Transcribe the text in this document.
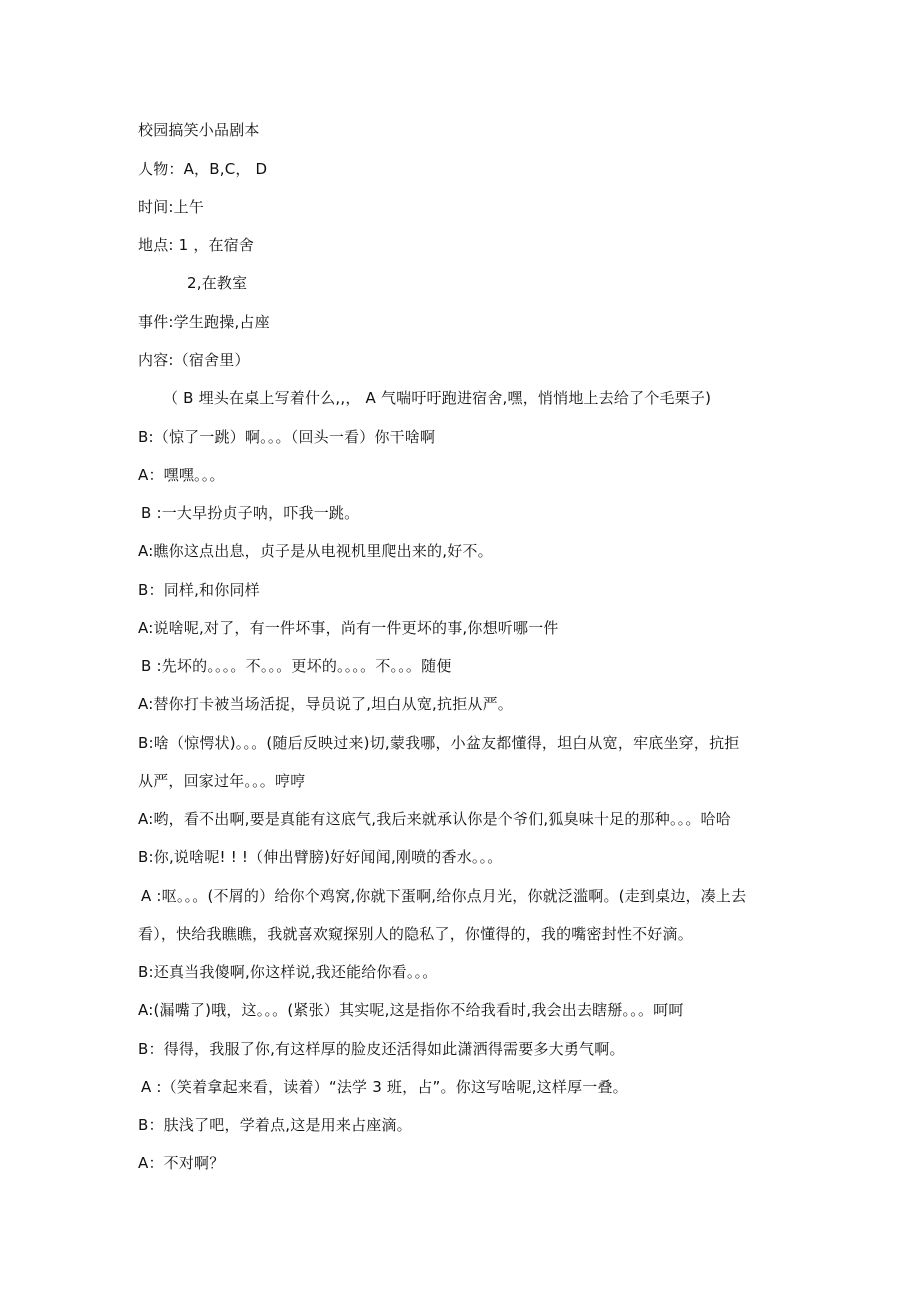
校园搞笑小品剧本
人物：A，B,C， D
时间:上午
地点: 1 ，在宿舍
2,在教室
事件:学生跑操,占座
内容:（宿舍里）
（ B 埋头在桌上写着什么,,， A 气喘吁吁跑进宿舍,嘿，悄悄地上去给了个毛栗子)
B:（惊了一跳）啊。。。（回头一看）你干啥啊
A：嘿嘿。。。
B :一大早扮贞子呐，吓我一跳。
A:瞧你这点出息，贞子是从电视机里爬出来的,好不。
B：同样,和你同样
A:说啥呢,对了，有一件坏事，尚有一件更坏的事,你想听哪一件
B :先坏的。。。。不。。。更坏的。。。。不。。。随便
A:替你打卡被当场活捉，导员说了,坦白从宽,抗拒从严。
B:啥（惊愕状)。。。(随后反映过来)切,蒙我哪，小盆友都懂得，坦白从宽，牢底坐穿，抗拒
从严，回家过年。。。哼哼
A:哟，看不出啊,要是真能有这底气,我后来就承认你是个爷们,狐臭味十足的那种。。。哈哈
B:你,说啥呢! ! !（伸出臂膀)好好闻闻,刚喷的香水。。。
A :呕。。。(不屑的）给你个鸡窝,你就下蛋啊,给你点月光，你就泛滥啊。(走到桌边，凑上去
看），快给我瞧瞧，我就喜欢窥探别人的隐私了，你懂得的，我的嘴密封性不好滴。
B:还真当我傻啊,你这样说,我还能给你看。。。
A:(漏嘴了)哦，这。。。(紧张）其实呢,这是指你不给我看时,我会出去瞎掰。。。呵呵
B：得得，我服了你,有这样厚的脸皮还活得如此潇洒得需要多大勇气啊。
A :（笑着拿起来看，读着）“法学 3 班，占”。你这写啥呢,这样厚一叠。
B：肤浅了吧，学着点,这是用来占座滴。
A：不对啊？
